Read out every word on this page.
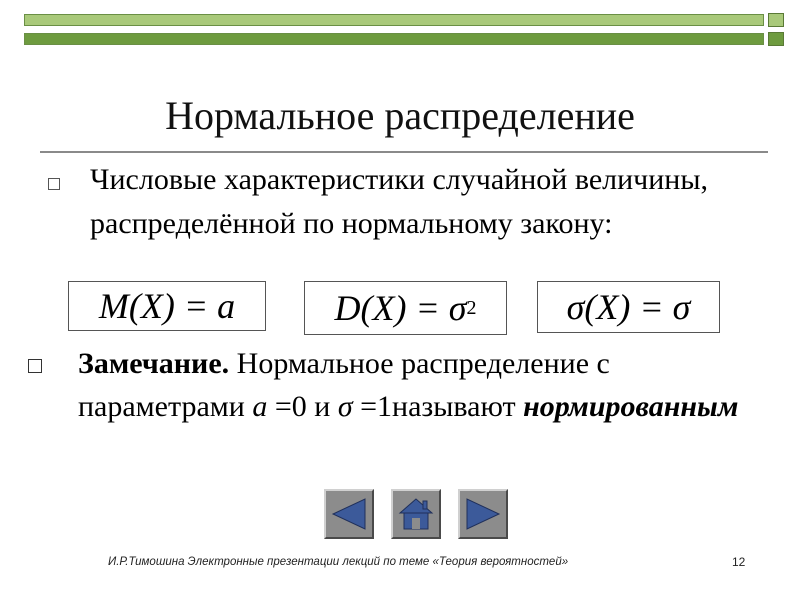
Нормальное распределение
Числовые характеристики случайной величины, распределённой по нормальному закону:
M(X) = a	D(X) = σ 2	σ(X) = σ
Замечание. Нормальное распределение с параметрами a =0 и σ =1называют нормированным
И.Р.Тимошина Электронные презентации лекций по теме «Теория вероятностей»	12
